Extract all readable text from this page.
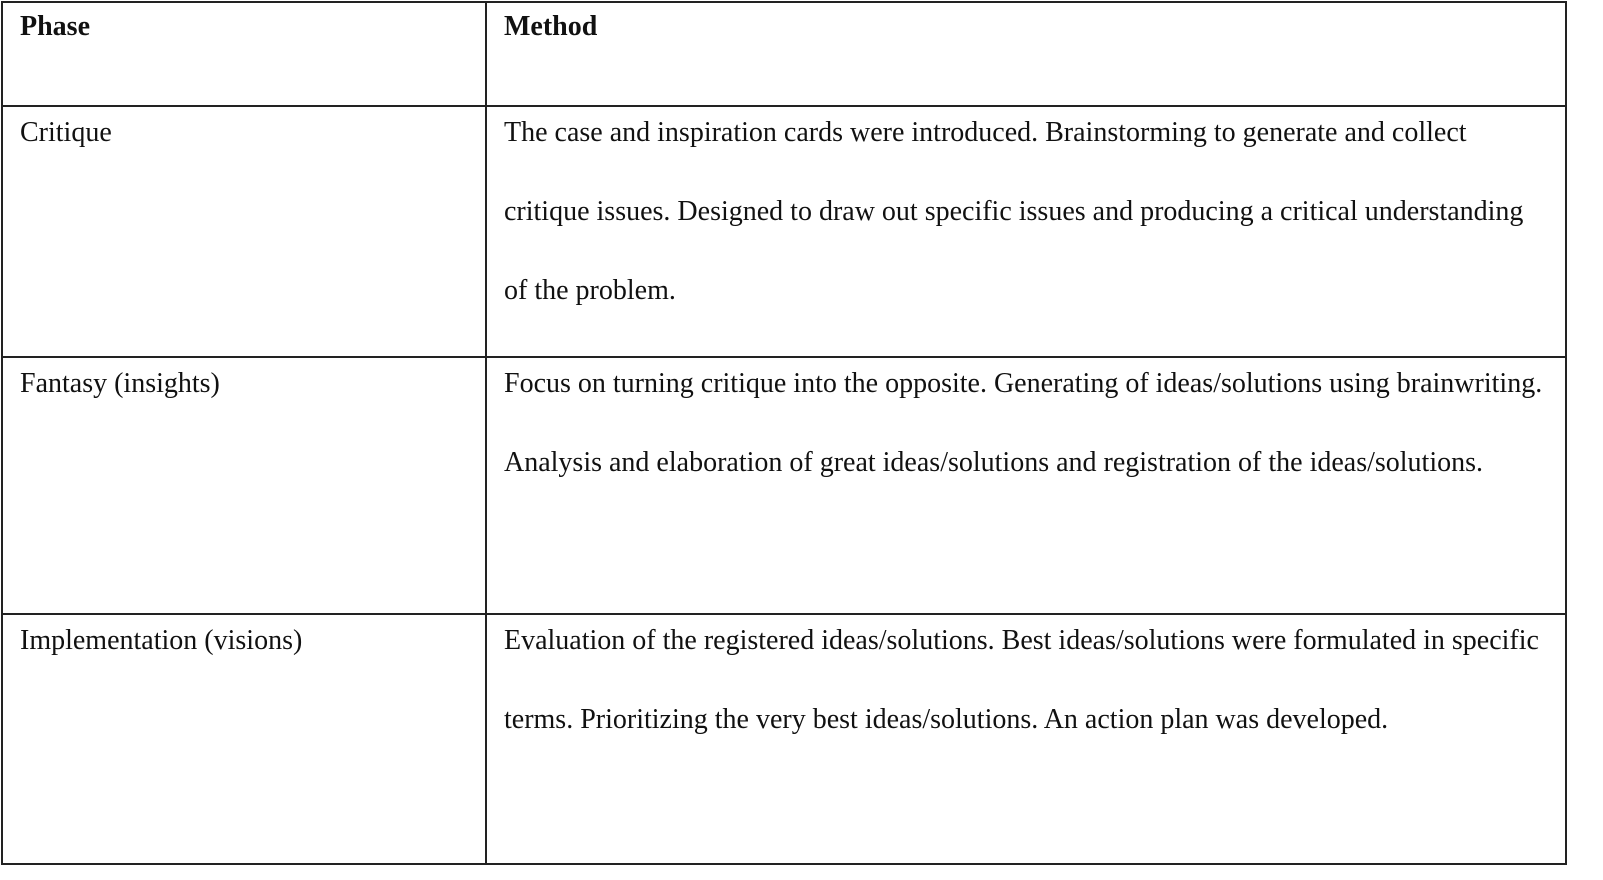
Phase	Method

Critique	The case and inspiration cards were introduced. Brainstorming to generate and collect critique issues. Designed to draw out specific issues and producing a critical understanding of the problem.

Fantasy (insights)	Focus on turning critique into the opposite. Generating of ideas/solutions using brainwriting. Analysis and elaboration of great ideas/solutions and registration of the ideas/solutions.

Implementation (visions)	Evaluation of the registered ideas/solutions. Best ideas/solutions were formulated in specific terms. Prioritizing the very best ideas/solutions. An action plan was developed.
